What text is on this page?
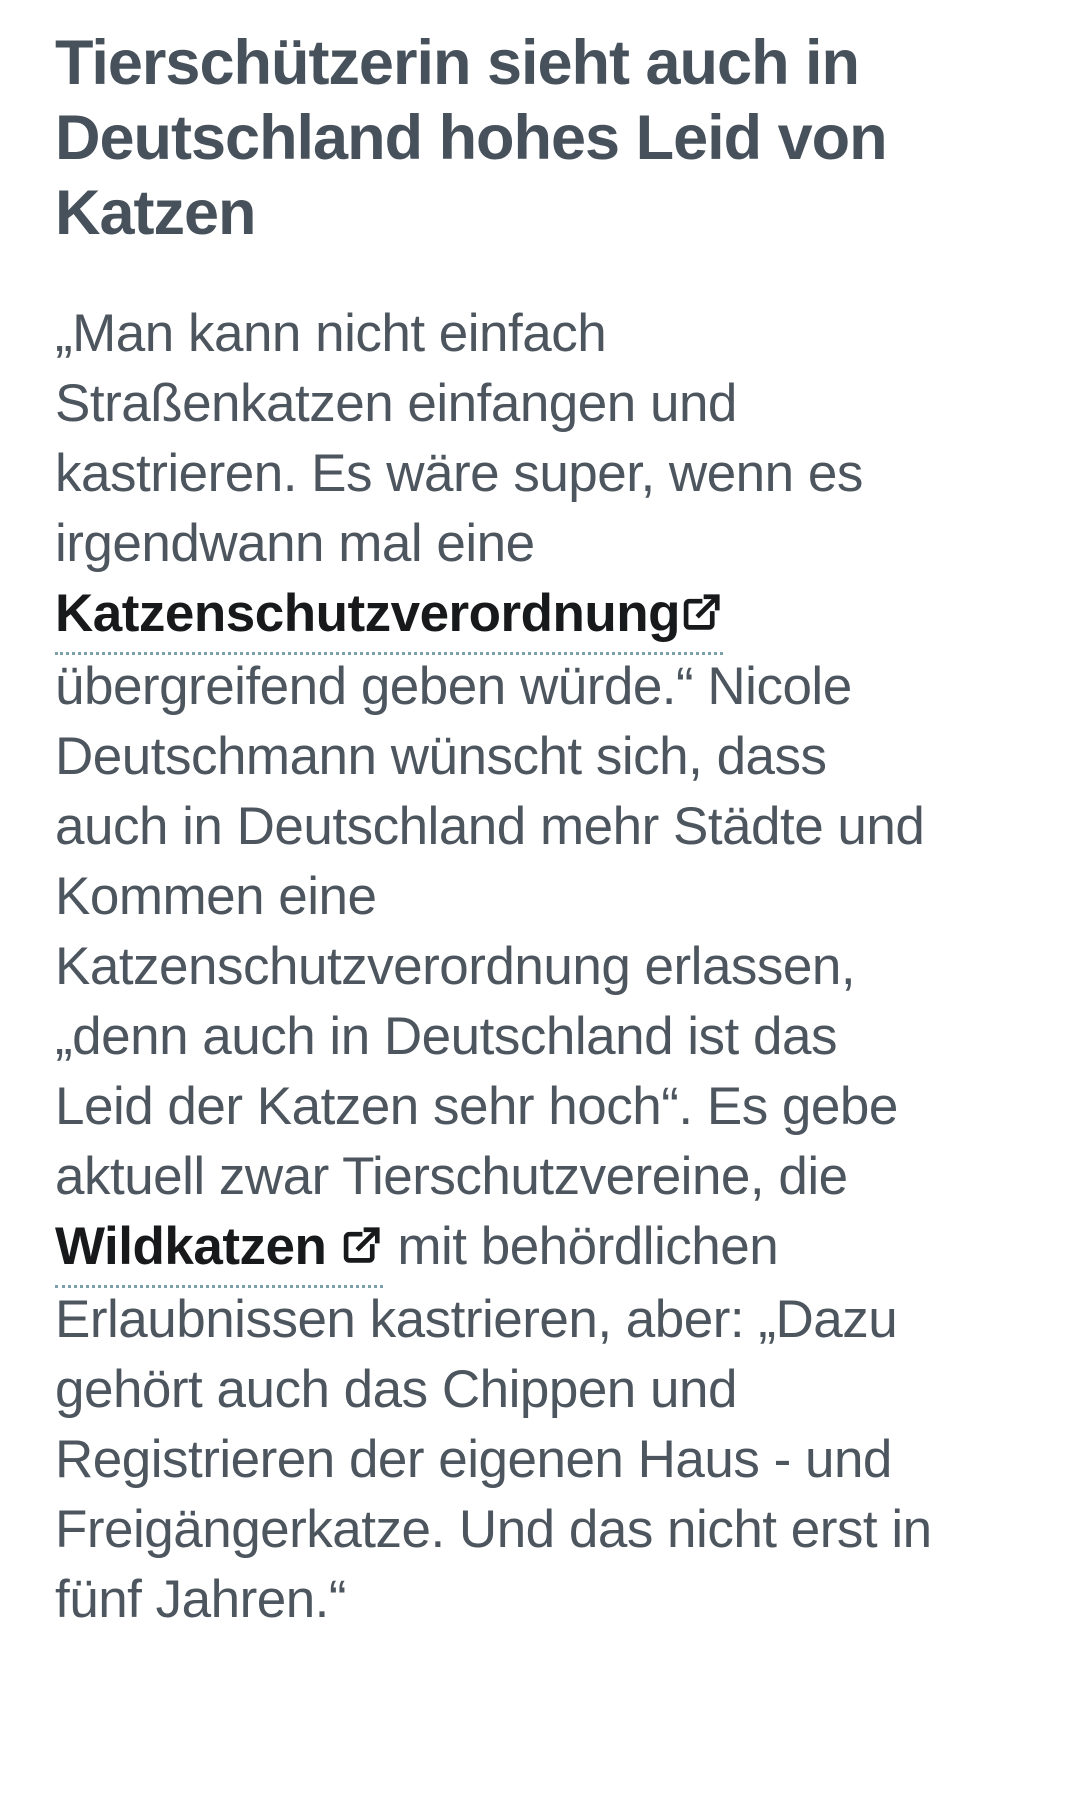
Tierschützerin sieht auch in
Deutschland hohes Leid von
Katzen
„Man kann nicht einfach
Straßenkatzen einfangen und
kastrieren. Es wäre super, wenn es
irgendwann mal eine
Katzenschutzverordnung
übergreifend geben würde.“ Nicole
Deutschmann wünscht sich, dass
auch in Deutschland mehr Städte und
Kommen eine
Katzenschutzverordnung erlassen,
„denn auch in Deutschland ist das
Leid der Katzen sehr hoch“. Es gebe
aktuell zwar Tierschutzvereine, die
Wildkatzen mit behördlichen
Erlaubnissen kastrieren, aber: „Dazu
gehört auch das Chippen und
Registrieren der eigenen Haus - und
Freigängerkatze. Und das nicht erst in
fünf Jahren.“
